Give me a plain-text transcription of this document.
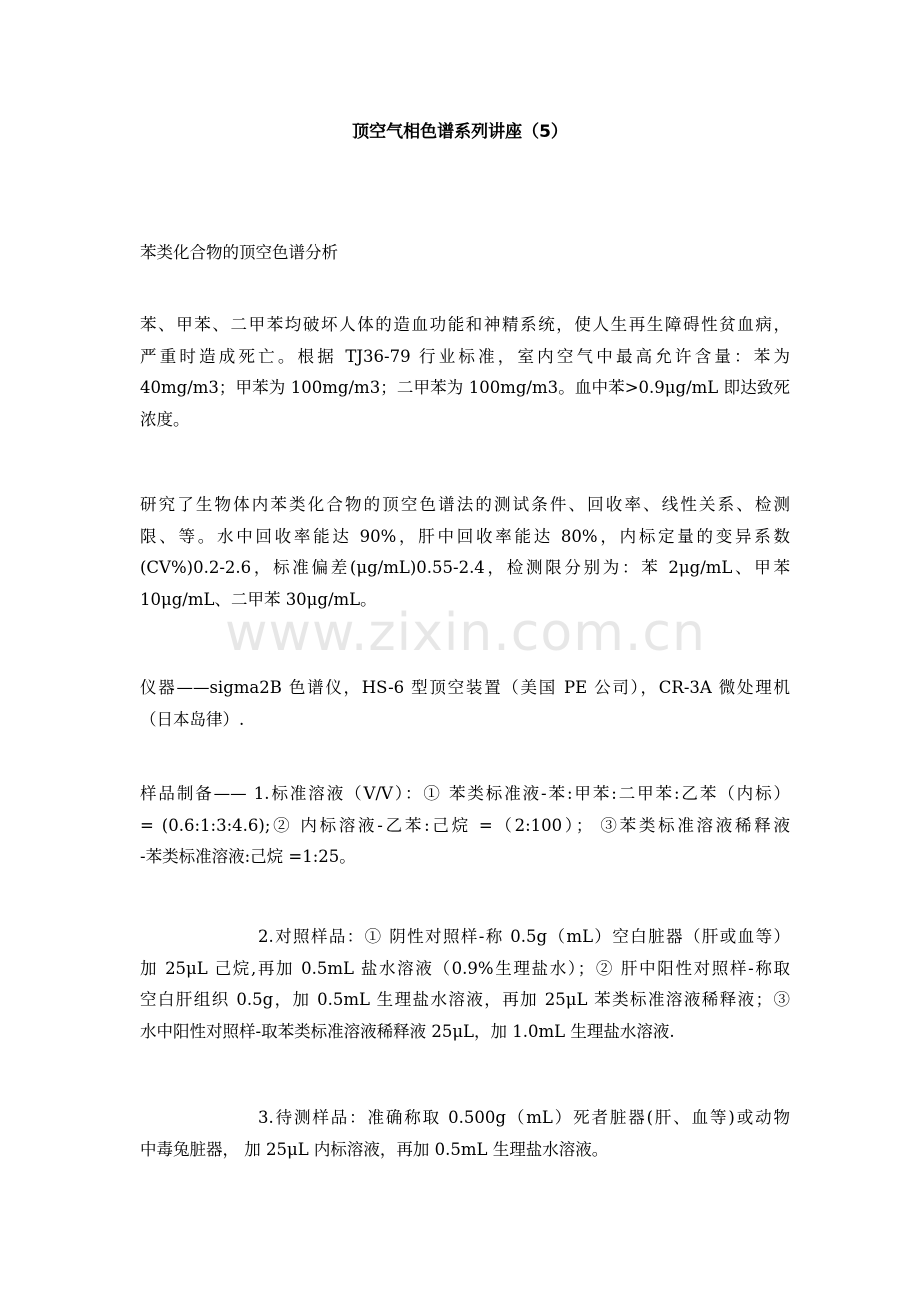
顶空气相色谱系列讲座（5）
苯类化合物的顶空色谱分析
苯、甲苯、二甲苯均破坏人体的造血功能和神精系统，使人生再生障碍性贫血病，
严重时造成死亡。根据 TJ36-79 行业标准，室内空气中最高允许含量：苯为
40mg/m3；甲苯为 100mg/m3；二甲苯为 100mg/m3。血中苯>0.9μg/mL 即达致死
浓度。
研究了生物体内苯类化合物的顶空色谱法的测试条件、回收率、线性关系、检测
限、等。水中回收率能达 90%，肝中回收率能达 80%，内标定量的变异系数
(CV%)0.2-2.6，标准偏差(μg/mL)0.55-2.4，检测限分别为：苯 2μg/mL、甲苯
10μg/mL、二甲苯 30μg/mL。
仪器——sigma2B 色谱仪，HS-6 型顶空装置（美国 PE 公司），CR-3A 微处理机
（日本岛律）.
样品制备—— 1.标准溶液（V/V）：① 苯类标准液-苯:甲苯:二甲苯:乙苯（内标）
= (0.6:1:3:4.6);② 内标溶液-乙苯:己烷 =（2:100）； ③苯类标准溶液稀释液
-苯类标准溶液:己烷 =1:25。
2.对照样品：① 阴性对照样-称 0.5g（mL）空白脏器（肝或血等）
加 25μL 己烷,再加 0.5mL 盐水溶液（0.9%生理盐水）；② 肝中阳性对照样-称取
空白肝组织 0.5g，加 0.5mL 生理盐水溶液，再加 25μL 苯类标准溶液稀释液；③
水中阳性对照样-取苯类标准溶液稀释液 25μL，加 1.0mL 生理盐水溶液.
3.待测样品：准确称取 0.500g（mL）死者脏器(肝、血等)或动物
中毒兔脏器， 加 25μL 内标溶液，再加 0.5mL 生理盐水溶液。
www.zixin.com.cn
